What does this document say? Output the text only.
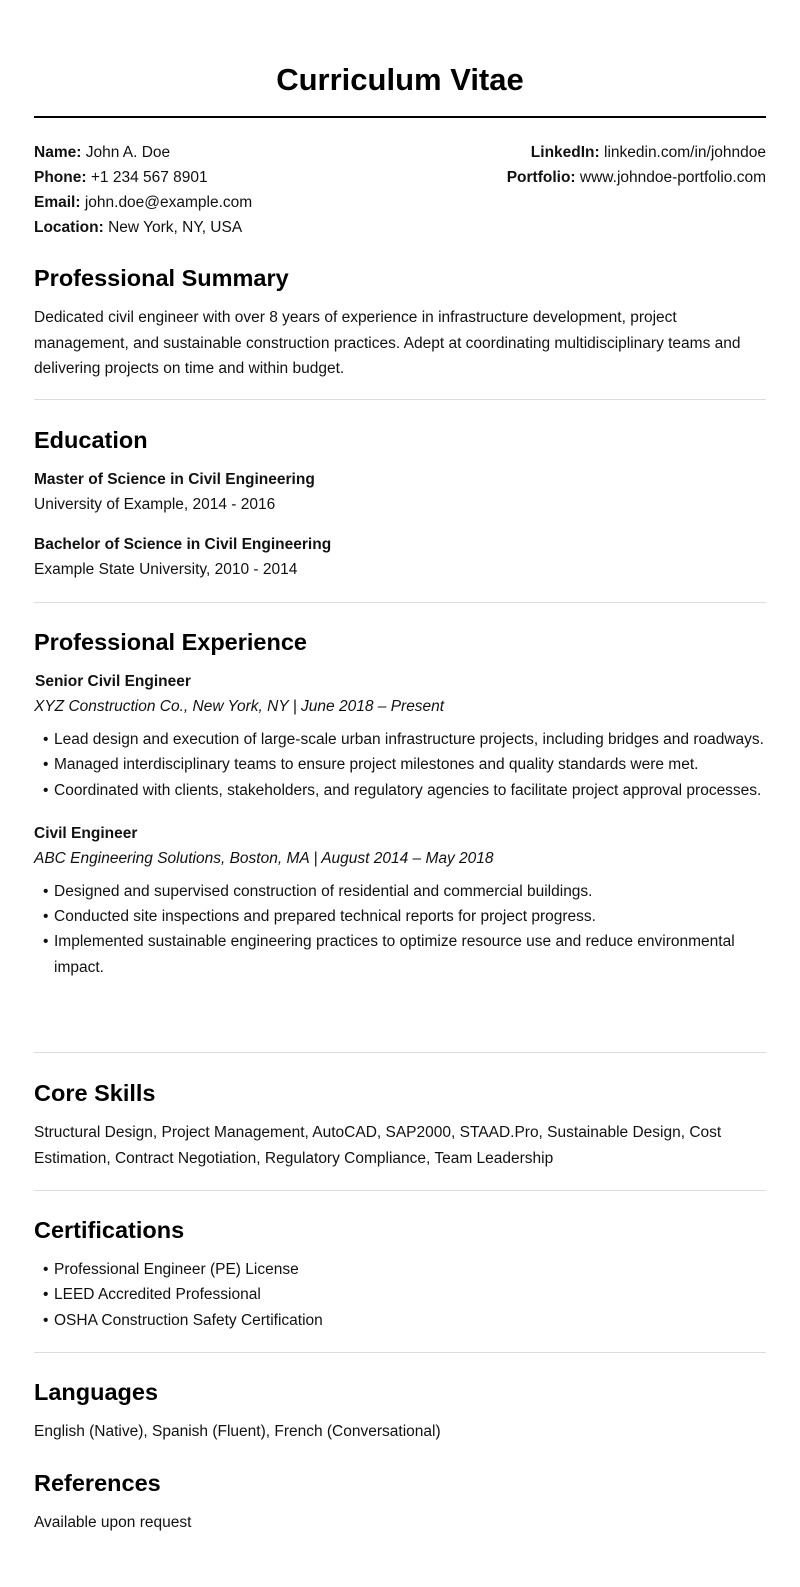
Curriculum Vitae
Name: John A. Doe
Phone: +1 234 567 8901
Email: john.doe@example.com
Location: New York, NY, USA
LinkedIn: linkedin.com/in/johndoe
Portfolio: www.johndoe-portfolio.com
Professional Summary

Dedicated civil engineer with over 8 years of experience in infrastructure development, project management, and sustainable construction practices. Adept at coordinating multidisciplinary teams and delivering projects on time and within budget.

Education
Master of Science in Civil Engineering
University of Example, 2014 - 2016
Bachelor of Science in Civil Engineering
Example State University, 2010 - 2014
Professional Experience
Senior Civil Engineer
XYZ Construction Co., New York, NY | June 2018 – Present
• Lead design and execution of large-scale urban infrastructure projects, including bridges and roadways.
• Managed interdisciplinary teams to ensure project milestones and quality standards were met.
• Coordinated with clients, stakeholders, and regulatory agencies to facilitate project approval processes.
Civil Engineer
ABC Engineering Solutions, Boston, MA | August 2014 – May 2018
• Designed and supervised construction of residential and commercial buildings.
• Conducted site inspections and prepared technical reports for project progress.
• Implemented sustainable engineering practices to optimize resource use and reduce environmental impact.
Core Skills

Structural Design, Project Management, AutoCAD, SAP2000, STAAD.Pro, Sustainable Design, Cost Estimation, Contract Negotiation, Regulatory Compliance, Team Leadership

Certifications
• Professional Engineer (PE) License
• LEED Accredited Professional
• OSHA Construction Safety Certification
Languages

English (Native), Spanish (Fluent), French (Conversational)

References

Available upon request
